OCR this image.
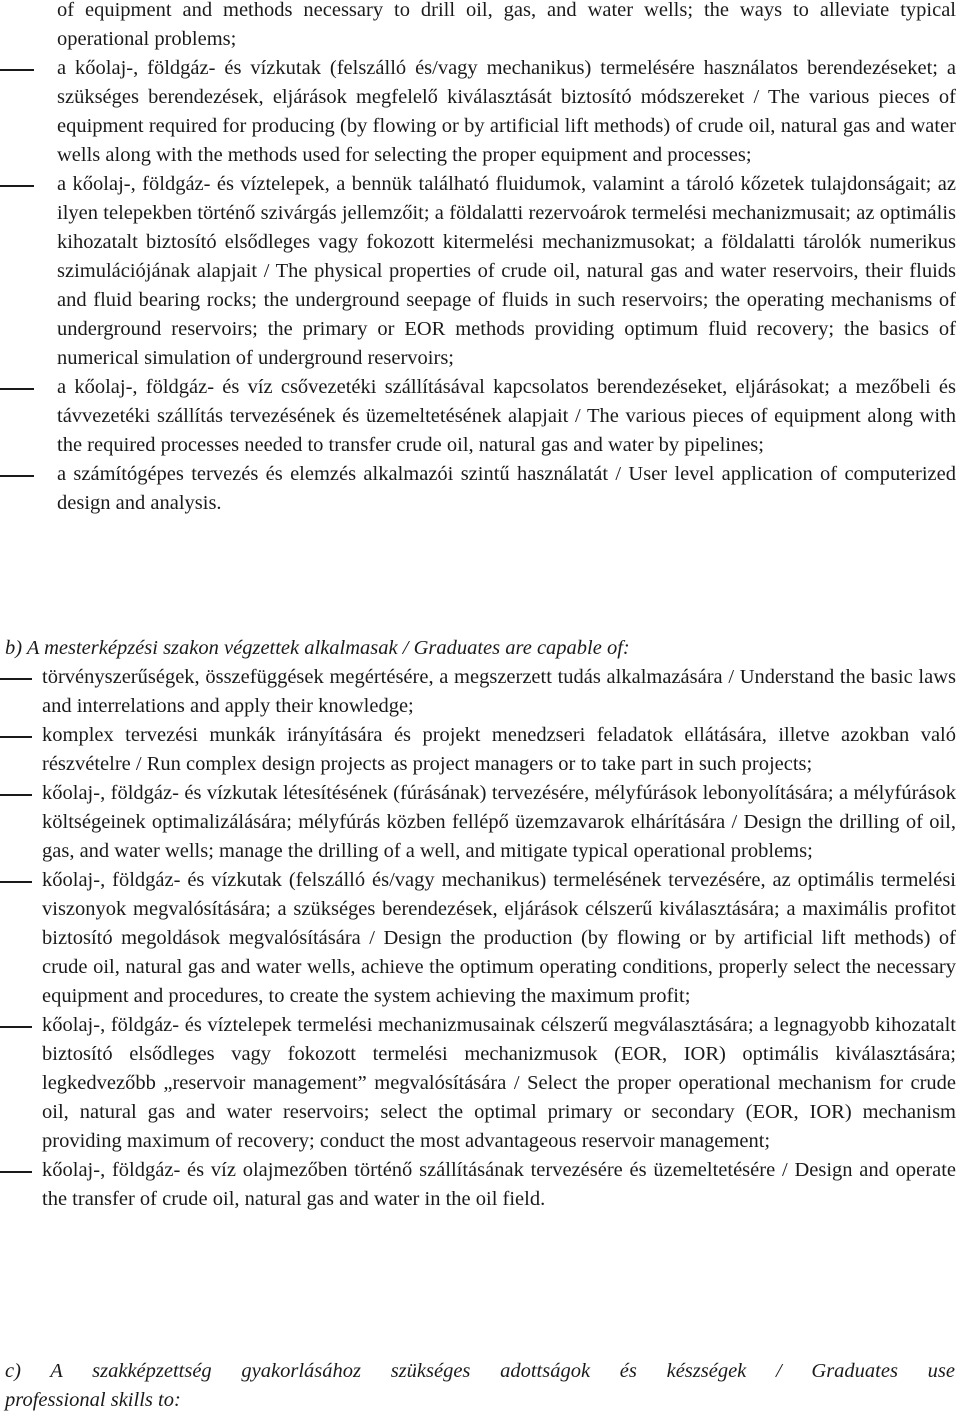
of equipment and methods necessary to drill oil, gas, and water wells; the ways to alleviate typical operational problems;
a kőolaj-, földgáz- és vízkutak (felszálló és/vagy mechanikus) termelésére használatos berendezéseket; a szükséges berendezések, eljárások megfelelő kiválasztását biztosító módszereket / The various pieces of equipment required for producing (by flowing or by artificial lift methods) of crude oil, natural gas and water wells along with the methods used for selecting the proper equipment and processes;
a kőolaj-, földgáz- és víztelepek, a bennük található fluidumok, valamint a tároló kőzetek tulajdonságait; az ilyen telepekben történő szivárgás jellemzőit; a földalatti rezervoárok termelési mechanizmusait; az optimális kihozatalt biztosító elsődleges vagy fokozott kitermelési mechanizmusokat; a földalatti tárolók numerikus szimulációjának alapjait / The physical properties of crude oil, natural gas and water reservoirs, their fluids and fluid bearing rocks; the underground seepage of fluids in such reservoirs; the operating mechanisms of underground reservoirs; the primary or EOR methods providing optimum fluid recovery; the basics of numerical simulation of underground reservoirs;
a kőolaj-, földgáz- és víz csővezetéki szállításával kapcsolatos berendezéseket, eljárásokat; a mezőbeli és távvezetéki szállítás tervezésének és üzemeltetésének alapjait / The various pieces of equipment along with the required processes needed to transfer crude oil, natural gas and water by pipelines;
a számítógépes tervezés és elemzés alkalmazói szintű használatát / User level application of computerized design and analysis.
b) A mesterképzési szakon végzettek alkalmasak / Graduates are capable of:
törvényszerűségek, összefüggések megértésére, a megszerzett tudás alkalmazására / Understand the basic laws and interrelations and apply their knowledge;
komplex tervezési munkák irányítására és projekt menedzseri feladatok ellátására, illetve azokban való részvételre / Run complex design projects as project managers or to take part in such projects;
kőolaj-, földgáz- és vízkutak létesítésének (fúrásának) tervezésére, mélyfúrások lebonyolítására; a mélyfúrások költségeinek optimalizálására; mélyfúrás közben fellépő üzemzavarok elhárítására / Design the drilling of oil, gas, and water wells; manage the drilling of a well, and mitigate typical operational problems;
kőolaj-, földgáz- és vízkutak (felszálló és/vagy mechanikus) termelésének tervezésére, az optimális termelési viszonyok megvalósítására; a szükséges berendezések, eljárások célszerű kiválasztására; a maximális profitot biztosító megoldások megvalósítására / Design the production (by flowing or by artificial lift methods) of crude oil, natural gas and water wells, achieve the optimum operating conditions, properly select the necessary equipment and procedures, to create the system achieving the maximum profit;
kőolaj-, földgáz- és víztelepek termelési mechanizmusainak célszerű megválasztására; a legnagyobb kihozatalt biztosító elsődleges vagy fokozott termelési mechanizmusok (EOR, IOR) optimális kiválasztására; legkedvezőbb „reservoir management” megvalósítására / Select the proper operational mechanism for crude oil, natural gas and water reservoirs; select the optimal primary or secondary (EOR, IOR) mechanism providing maximum of recovery; conduct the most advantageous reservoir management;
kőolaj-, földgáz- és víz olajmezőben történő szállításának tervezésére és üzemeltetésére / Design and operate the transfer of crude oil, natural gas and water in the oil field.
c) A szakképzettség gyakorlásához szükséges adottságok és készségek / Graduates use
professional skills to:
